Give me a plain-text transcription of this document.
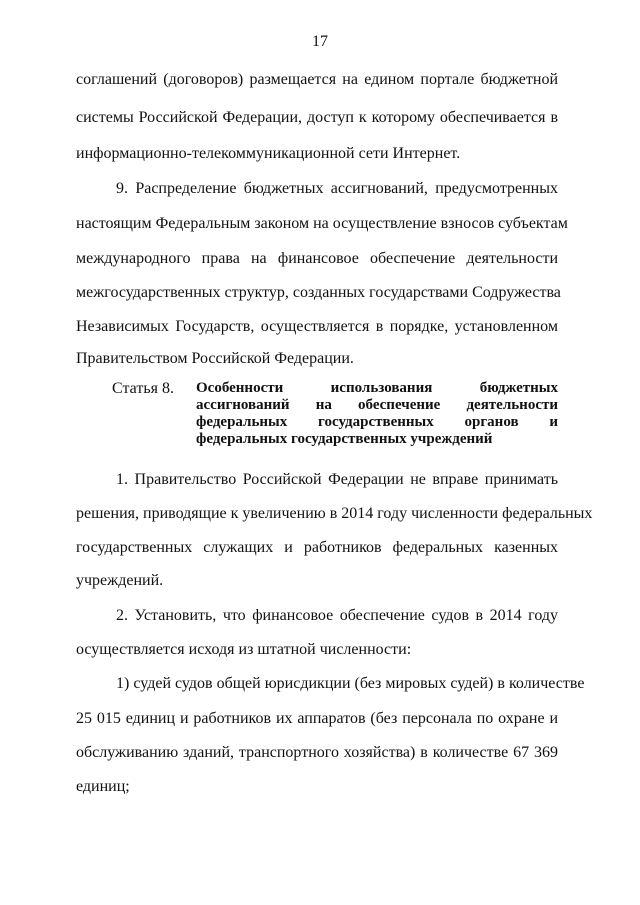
17
соглашений (договоров) размещается на едином портале бюджетной
системы Российской Федерации, доступ к которому обеспечивается в
информационно-телекоммуникационной сети Интернет.
9. Распределение бюджетных ассигнований, предусмотренных
настоящим Федеральным законом на осуществление взносов субъектам
международного права на финансовое обеспечение деятельности
межгосударственных структур, созданных государствами Содружества
Независимых Государств, осуществляется в порядке, установленном
Правительством Российской Федерации.
Статья 8.	Особенности использования бюджетных
ассигнований на обеспечение деятельности
федеральных государственных органов и
федеральных государственных учреждений
1. Правительство Российской Федерации не вправе принимать
решения, приводящие к увеличению в 2014 году численности федеральных
государственных служащих и работников федеральных казенных
учреждений.
2. Установить, что финансовое обеспечение судов в 2014 году
осуществляется исходя из штатной численности:
1) судей судов общей юрисдикции (без мировых судей) в количестве
25 015 единиц и работников их аппаратов (без персонала по охране и
обслуживанию зданий, транспортного хозяйства) в количестве 67 369
единиц;
